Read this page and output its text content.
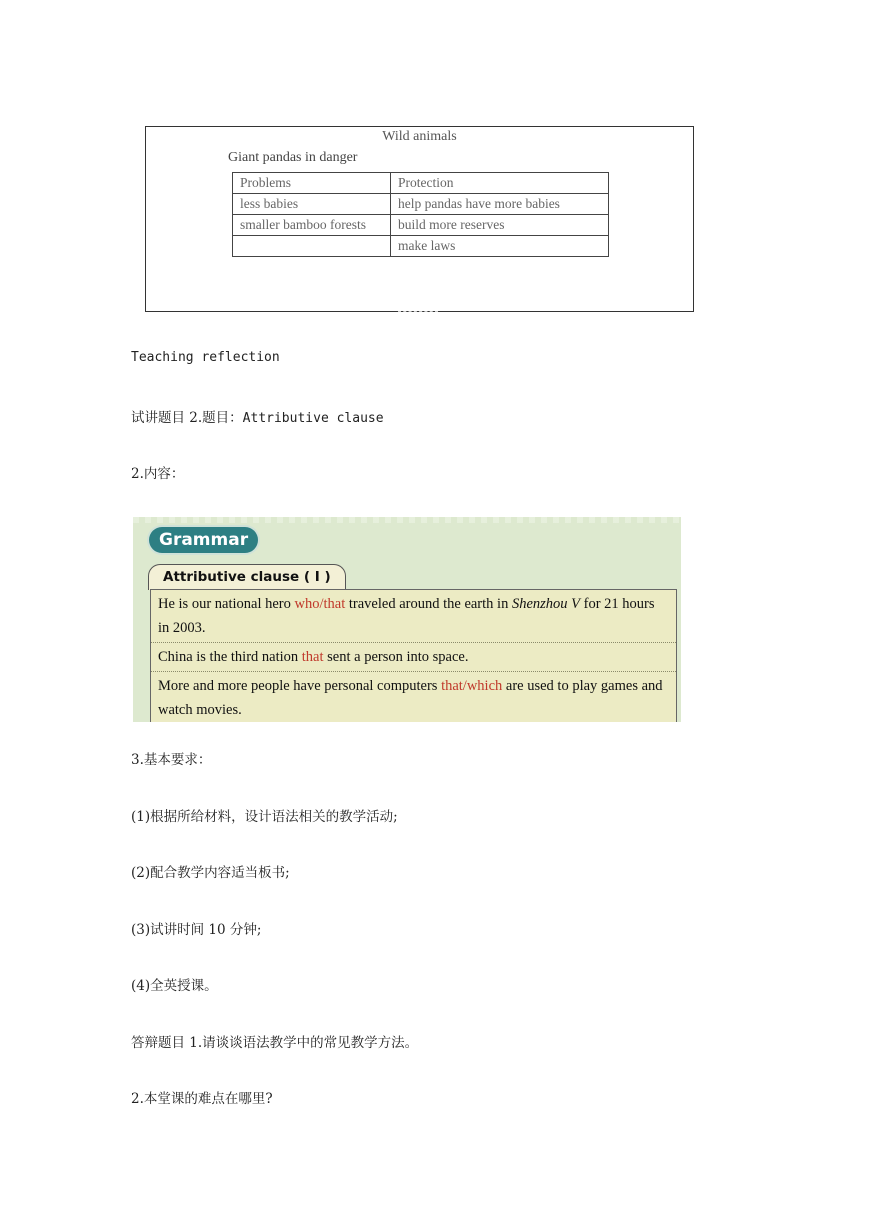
Wild animals
Giant pandas in danger
Problems	Protection
less babies	help pandas have more babies
smaller bamboo forests	build more reserves
	make laws
Teaching reflection
试讲题目 2.题目：Attributive clause
2.内容：
Grammar
Attributive clause ( Ⅰ )
He is our national hero who/that traveled around the earth in Shenzhou V for 21 hours in 2003.
China is the third nation that sent a person into space.
More and more people have personal computers that/which are used to play games and watch movies.
3.基本要求：
(1)根据所给材料，设计语法相关的教学活动;
(2)配合教学内容适当板书;
(3)试讲时间 10 分钟;
(4)全英授课。
答辩题目 1.请谈谈语法教学中的常见教学方法。
2.本堂课的难点在哪里?
